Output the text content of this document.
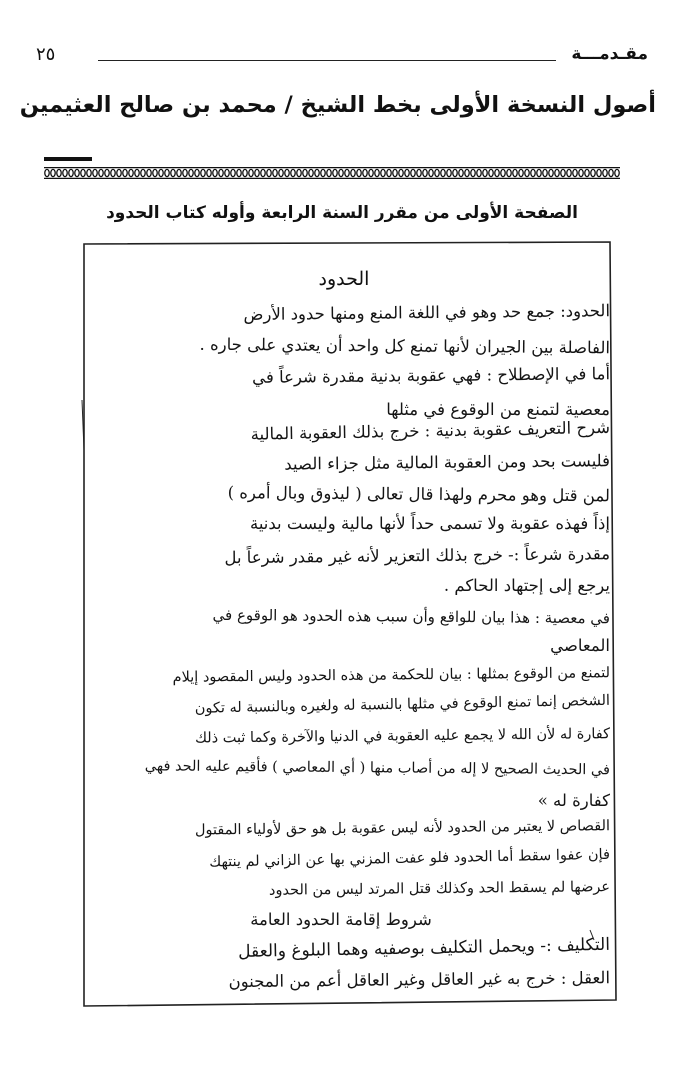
مقـدمـــة
٢٥
أصول النسخة الأولى بخط الشيخ / محمد بن صالح العثيمين
الصفحة الأولى من مقرر السنة الرابعة وأوله كتاب الحدود
الحدود
الحدود: جمع حد وهو في اللغة المنع ومنها حدود الأرض
الفاصلة بين الجيران لأنها تمنع كل واحد أن يعتدي على جاره .
أما في الإصطلاح : فهي عقوبة بدنية مقدرة شرعاً في
معصية لتمنع من الوقوع في مثلها
شرح التعريف عقوبة بدنية : خرج بذلك العقوبة المالية
فليست بحد ومن العقوبة المالية مثل جزاء الصيد
لمن قتل وهو محرم ولهذا قال تعالى ( ليذوق وبال أمره )
إذاً فهذه عقوبة ولا تسمى حداً لأنها مالية وليست بدنية
مقدرة شرعاً :- خرج بذلك التعزير لأنه غير مقدر شرعاً بل
يرجع إلى إجتهاد الحاكم .
في معصية : هذا بيان للواقع وأن سبب هذه الحدود هو الوقوع في
المعاصي
لتمنع من الوقوع بمثلها : بيان للحكمة من هذه الحدود وليس المقصود إيلام
الشخص إنما تمنع الوقوع في مثلها بالنسبة له ولغيره وبالنسبة له تكون
كفارة له لأن الله لا يجمع عليه العقوبة في الدنيا والآخرة وكما ثبت ذلك
في الحديث الصحيح لا إله من أصاب منها ( أي المعاصي ) فأقيم عليه الحد فهي
كفارة له »
القصاص لا يعتبر من الحدود لأنه ليس عقوبة بل هو حق لأولياء المقتول
فإن عفوا سقط أما الحدود فلو عفت المزني بها عن الزاني لم ينتهك
عرضها لم يسقط الحد وكذلك قتل المرتد ليس من الحدود
شروط إقامة الحدود العامة
التكليف :- ويحمل التكليف بوصفيه وهما البلوغ والعقل
العقل : خرج به غير العاقل وغير العاقل أعم من المجنون
